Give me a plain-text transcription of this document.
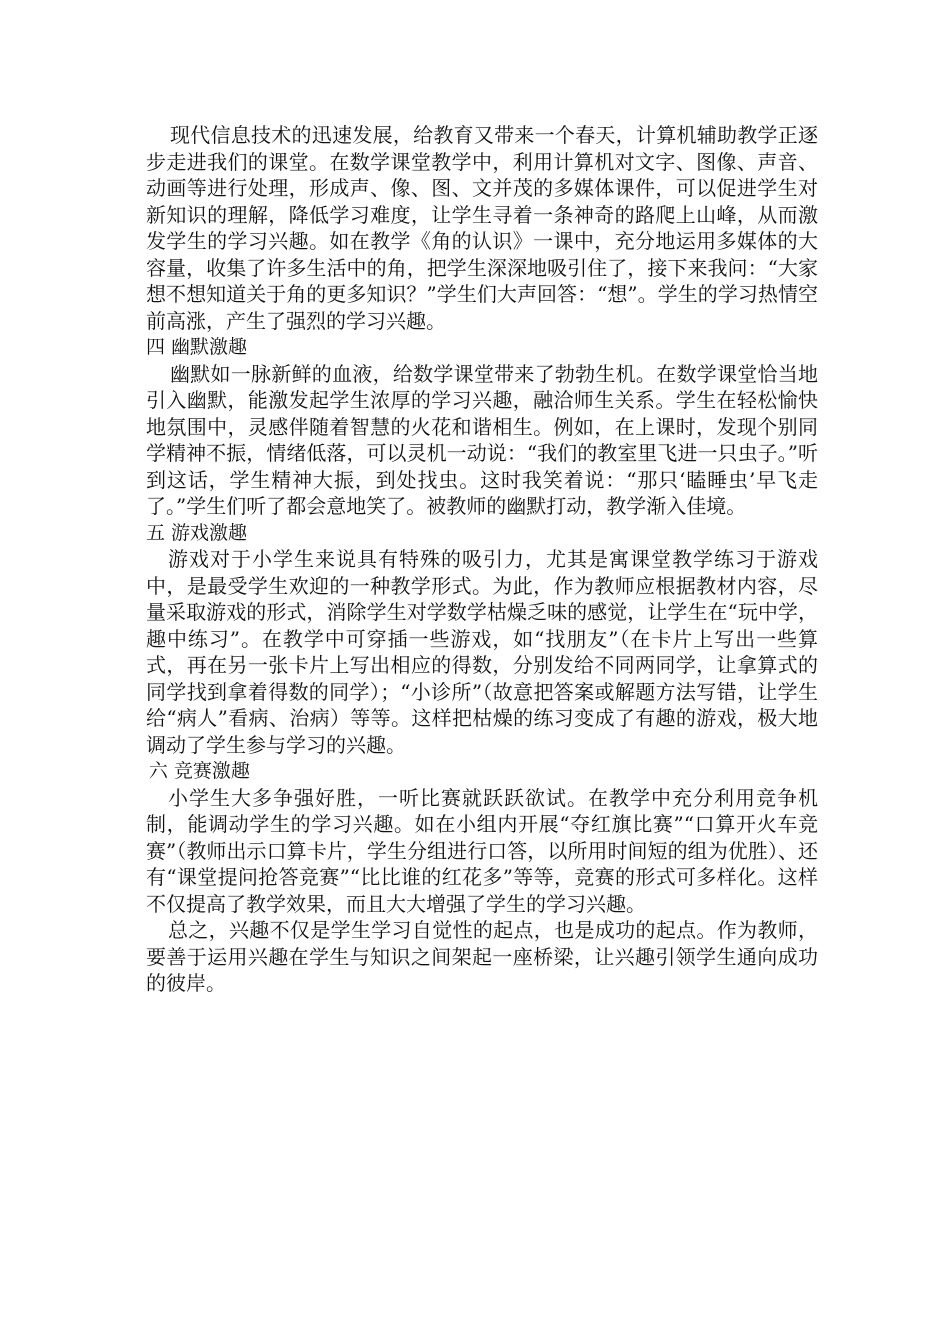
现代信息技术的迅速发展，给教育又带来一个春天，计算机辅助教学正逐步走进我们的课堂。在数学课堂教学中，利用计算机对文字、图像、声音、动画等进行处理，形成声、像、图、文并茂的多媒体课件，可以促进学生对新知识的理解，降低学习难度，让学生寻着一条神奇的路爬上山峰，从而激发学生的学习兴趣。如在教学《角的认识》一课中，充分地运用多媒体的大容量，收集了许多生活中的角，把学生深深地吸引住了，接下来我问：“大家想不想知道关于角的更多知识？”学生们大声回答：“想”。学生的学习热情空前高涨，产生了强烈的学习兴趣。

四 幽默激趣

幽默如一脉新鲜的血液，给数学课堂带来了勃勃生机。在数学课堂恰当地引入幽默，能激发起学生浓厚的学习兴趣，融洽师生关系。学生在轻松愉快地氛围中，灵感伴随着智慧的火花和谐相生。例如，在上课时，发现个别同学精神不振，情绪低落，可以灵机一动说：“我们的教室里飞进一只虫子。”听到这话，学生精神大振，到处找虫。这时我笑着说：“那只‘瞌睡虫’早飞走了。”学生们听了都会意地笑了。被教师的幽默打动，教学渐入佳境。

五 游戏激趣

游戏对于小学生来说具有特殊的吸引力，尤其是寓课堂教学练习于游戏中，是最受学生欢迎的一种教学形式。为此，作为教师应根据教材内容，尽量采取游戏的形式，消除学生对学数学枯燥乏味的感觉，让学生在“玩中学，趣中练习”。在教学中可穿插一些游戏，如“找朋友”（在卡片上写出一些算式，再在另一张卡片上写出相应的得数，分别发给不同两同学，让拿算式的同学找到拿着得数的同学）；“小诊所”（故意把答案或解题方法写错，让学生给“病人”看病、治病）等等。这样把枯燥的练习变成了有趣的游戏，极大地调动了学生参与学习的兴趣。

六 竞赛激趣

小学生大多争强好胜，一听比赛就跃跃欲试。在教学中充分利用竞争机制，能调动学生的学习兴趣。如在小组内开展“夺红旗比赛”“口算开火车竞赛”（教师出示口算卡片，学生分组进行口答，以所用时间短的组为优胜）、还有“课堂提问抢答竞赛”“比比谁的红花多”等等，竞赛的形式可多样化。这样不仅提高了教学效果，而且大大增强了学生的学习兴趣。

总之，兴趣不仅是学生学习自觉性的起点，也是成功的起点。作为教师，要善于运用兴趣在学生与知识之间架起一座桥梁，让兴趣引领学生通向成功的彼岸。
